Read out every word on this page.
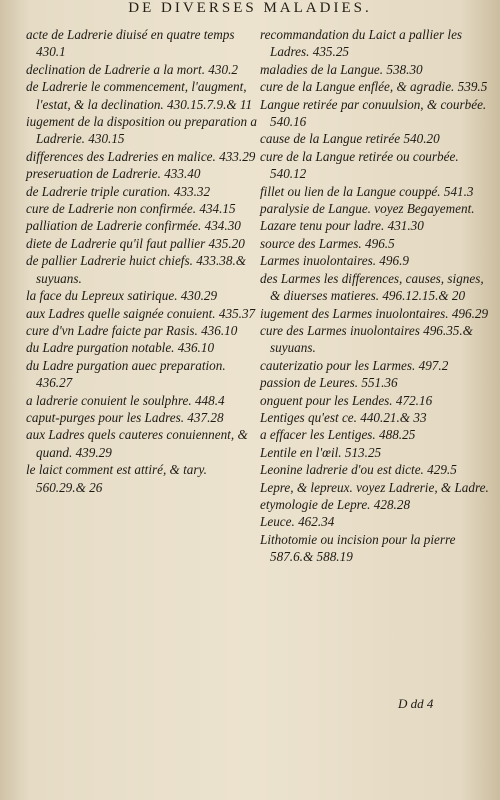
DE DIVERSES MALADIES.

acte de Ladrerie diuisé en quatre temps 430.1

declination de Ladrerie a la mort. 430.2

de Ladrerie le commencement, l'augment, l'estat, & la declination. 430.15.7.9.& 11

iugement de la disposition ou preparation a Ladrerie. 430.15

differences des Ladreries en malice. 433.29

preseruation de Ladrerie. 433.40

de Ladrerie triple curation. 433.32

cure de Ladrerie non confirmée. 434.15

palliation de Ladrerie confirmée. 434.30

diete de Ladrerie qu'il faut pallier 435.20

de pallier Ladrerie huict chiefs. 433.38.& suyuans.

la face du Lepreux satirique. 430.29

aux Ladres quelle saignée conuient. 435.37

cure d'vn Ladre faicte par Rasis. 436.10

du Ladre purgation notable. 436.10

du Ladre purgation auec preparation. 436.27

a ladrerie conuient le soulphre. 448.4

caput-purges pour les Ladres. 437.28

aux Ladres quels cauteres conuiennent, & quand. 439.29

le laict comment est attiré, & tary. 560.29.& 26

recommandation du Laict a pallier les Ladres. 435.25

maladies de la Langue. 538.30

cure de la Langue enflée, & agradie. 539.5

Langue retirée par conuulsion, & courbée. 540.16

cause de la Langue retirée 540.20

cure de la Langue retirée ou courbée. 540.12

fillet ou lien de la Langue couppé. 541.3

paralysie de Langue. voyez Begayement.

Lazare tenu pour ladre. 431.30

source des Larmes. 496.5

Larmes inuolontaires. 496.9

des Larmes les differences, causes, signes, & diuerses matieres. 496.12.15.& 20

iugement des Larmes inuolontaires. 496.29

cure des Larmes inuolontaires 496.35.& suyuans.

cauterizatio pour les Larmes. 497.2

passion de Leures. 551.36

onguent pour les Lendes. 472.16

Lentiges qu'est ce. 440.21.& 33

a effacer les Lentiges. 488.25

Lentile en l'œil. 513.25

Leonine ladrerie d'ou est dicte. 429.5

Lepre, & lepreux. voyez Ladrerie, & Ladre.

etymologie de Lepre. 428.28

Leuce. 462.34

Lithotomie ou incision pour la pierre 587.6.& 588.19

D dd 4
